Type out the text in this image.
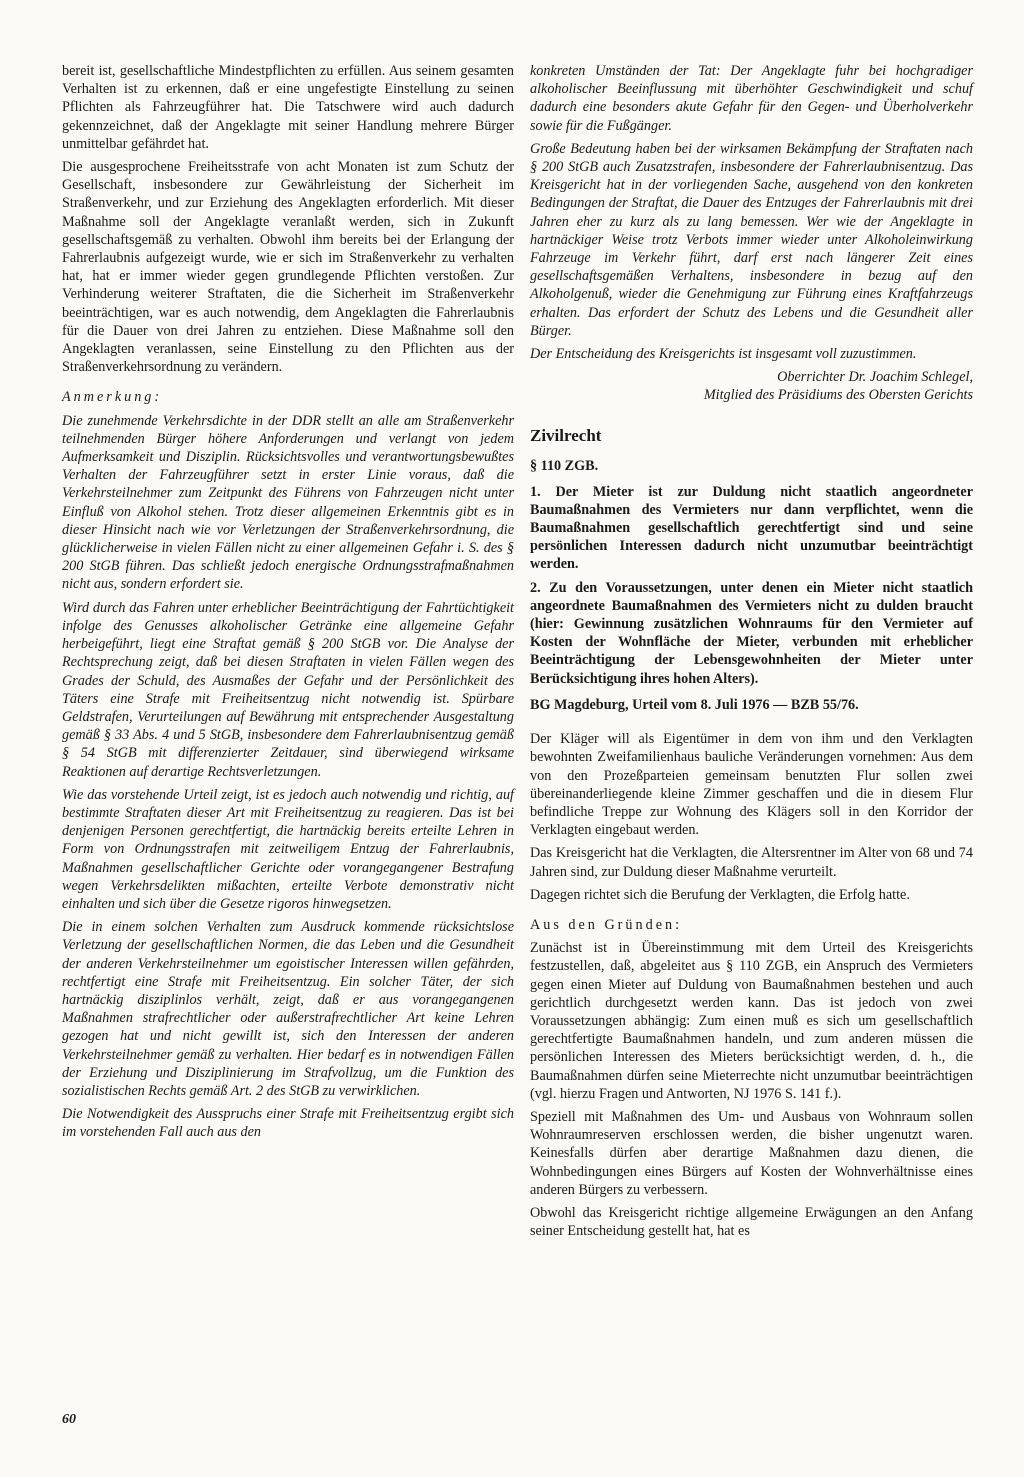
bereit ist, gesellschaftliche Mindestpflichten zu erfüllen. Aus seinem gesamten Verhalten ist zu erkennen, daß er eine ungefestigte Einstellung zu seinen Pflichten als Fahrzeugführer hat. Die Tatschwere wird auch dadurch gekennzeichnet, daß der Angeklagte mit seiner Handlung mehrere Bürger unmittelbar gefährdet hat.

Die ausgesprochene Freiheitsstrafe von acht Monaten ist zum Schutz der Gesellschaft, insbesondere zur Gewährleistung der Sicherheit im Straßenverkehr, und zur Erziehung des Angeklagten erforderlich. Mit dieser Maßnahme soll der Angeklagte veranlaßt werden, sich in Zukunft gesellschaftsgemäß zu verhalten. Obwohl ihm bereits bei der Erlangung der Fahrerlaubnis aufgezeigt wurde, wie er sich im Straßenverkehr zu verhalten hat, hat er immer wieder gegen grundlegende Pflichten verstoßen. Zur Verhinderung weiterer Straftaten, die die Sicherheit im Straßenverkehr beeinträchtigen, war es auch notwendig, dem Angeklagten die Fahrerlaubnis für die Dauer von drei Jahren zu entziehen. Diese Maßnahme soll den Angeklagten veranlassen, seine Einstellung zu den Pflichten aus der Straßenverkehrsordnung zu verändern.

Anmerkung:

Die zunehmende Verkehrsdichte in der DDR stellt an alle am Straßenverkehr teilnehmenden Bürger höhere Anforderungen und verlangt von jedem Aufmerksamkeit und Disziplin. Rücksichtsvolles und verantwortungsbewußtes Verhalten der Fahrzeugführer setzt in erster Linie voraus, daß die Verkehrsteilnehmer zum Zeitpunkt des Führens von Fahrzeugen nicht unter Einfluß von Alkohol stehen. Trotz dieser allgemeinen Erkenntnis gibt es in dieser Hinsicht nach wie vor Verletzungen der Straßenverkehrsordnung, die glücklicherweise in vielen Fällen nicht zu einer allgemeinen Gefahr i. S. des § 200 StGB führen. Das schließt jedoch energische Ordnungsstrafmaßnahmen nicht aus, sondern erfordert sie.

Wird durch das Fahren unter erheblicher Beeinträchtigung der Fahrtüchtigkeit infolge des Genusses alkoholischer Getränke eine allgemeine Gefahr herbeigeführt, liegt eine Straftat gemäß § 200 StGB vor. Die Analyse der Rechtsprechung zeigt, daß bei diesen Straftaten in vielen Fällen wegen des Grades der Schuld, des Ausmaßes der Gefahr und der Persönlichkeit des Täters eine Strafe mit Freiheitsentzug nicht notwendig ist. Spürbare Geldstrafen, Verurteilungen auf Bewährung mit entsprechender Ausgestaltung gemäß § 33 Abs. 4 und 5 StGB, insbesondere dem Fahrerlaubnisentzug gemäß § 54 StGB mit differenzierter Zeitdauer, sind überwiegend wirksame Reaktionen auf derartige Rechtsverletzungen.

Wie das vorstehende Urteil zeigt, ist es jedoch auch notwendig und richtig, auf bestimmte Straftaten dieser Art mit Freiheitsentzug zu reagieren. Das ist bei denjenigen Personen gerechtfertigt, die hartnäckig bereits erteilte Lehren in Form von Ordnungsstrafen mit zeitweiligem Entzug der Fahrerlaubnis, Maßnahmen gesellschaftlicher Gerichte oder vorangegangener Bestrafung wegen Verkehrsdelikten mißachten, erteilte Verbote demonstrativ nicht einhalten und sich über die Gesetze rigoros hinwegsetzen.

Die in einem solchen Verhalten zum Ausdruck kommende rücksichtslose Verletzung der gesellschaftlichen Normen, die das Leben und die Gesundheit der anderen Verkehrsteilnehmer um egoistischer Interessen willen gefährden, rechtfertigt eine Strafe mit Freiheitsentzug. Ein solcher Täter, der sich hartnäckig disziplinlos verhält, zeigt, daß er aus vorangegangenen Maßnahmen strafrechtlicher oder außerstrafrechtlicher Art keine Lehren gezogen hat und nicht gewillt ist, sich den Interessen der anderen Verkehrsteilnehmer gemäß zu verhalten. Hier bedarf es in notwendigen Fällen der Erziehung und Disziplinierung im Strafvollzug, um die Funktion des sozialistischen Rechts gemäß Art. 2 des StGB zu verwirklichen.

Die Notwendigkeit des Ausspruchs einer Strafe mit Freiheitsentzug ergibt sich im vorstehenden Fall auch aus den

konkreten Umständen der Tat: Der Angeklagte fuhr bei hochgradiger alkoholischer Beeinflussung mit überhöhter Geschwindigkeit und schuf dadurch eine besonders akute Gefahr für den Gegen- und Überholverkehr sowie für die Fußgänger.

Große Bedeutung haben bei der wirksamen Bekämpfung der Straftaten nach § 200 StGB auch Zusatzstrafen, insbesondere der Fahrerlaubnisentzug. Das Kreisgericht hat in der vorliegenden Sache, ausgehend von den konkreten Bedingungen der Straftat, die Dauer des Entzuges der Fahrerlaubnis mit drei Jahren eher zu kurz als zu lang bemessen. Wer wie der Angeklagte in hartnäckiger Weise trotz Verbots immer wieder unter Alkoholeinwirkung Fahrzeuge im Verkehr führt, darf erst nach längerer Zeit eines gesellschaftsgemäßen Verhaltens, insbesondere in bezug auf den Alkoholgenuß, wieder die Genehmigung zur Führung eines Kraftfahrzeugs erhalten. Das erfordert der Schutz des Lebens und die Gesundheit aller Bürger.

Der Entscheidung des Kreisgerichts ist insgesamt voll zuzustimmen.

Oberrichter Dr. Joachim Schlegel,

Mitglied des Präsidiums des Obersten Gerichts

Zivilrecht

§ 110 ZGB.

1. Der Mieter ist zur Duldung nicht staatlich angeordneter Baumaßnahmen des Vermieters nur dann verpflichtet, wenn die Baumaßnahmen gesellschaftlich gerechtfertigt sind und seine persönlichen Interessen dadurch nicht unzumutbar beeinträchtigt werden.

2. Zu den Voraussetzungen, unter denen ein Mieter nicht staatlich angeordnete Baumaßnahmen des Vermieters nicht zu dulden braucht (hier: Gewinnung zusätzlichen Wohnraums für den Vermieter auf Kosten der Wohnfläche der Mieter, verbunden mit erheblicher Beeinträchtigung der Lebensgewohnheiten der Mieter unter Berücksichtigung ihres hohen Alters).

BG Magdeburg, Urteil vom 8. Juli 1976 — BZB 55/76.

Der Kläger will als Eigentümer in dem von ihm und den Verklagten bewohnten Zweifamilienhaus bauliche Veränderungen vornehmen: Aus dem von den Prozeßparteien gemeinsam benutzten Flur sollen zwei übereinanderliegende kleine Zimmer geschaffen und die in diesem Flur befindliche Treppe zur Wohnung des Klägers soll in den Korridor der Verklagten eingebaut werden.

Das Kreisgericht hat die Verklagten, die Altersrentner im Alter von 68 und 74 Jahren sind, zur Duldung dieser Maßnahme verurteilt.

Dagegen richtet sich die Berufung der Verklagten, die Erfolg hatte.

Aus den Gründen:

Zunächst ist in Übereinstimmung mit dem Urteil des Kreisgerichts festzustellen, daß, abgeleitet aus § 110 ZGB, ein Anspruch des Vermieters gegen einen Mieter auf Duldung von Baumaßnahmen bestehen und auch gerichtlich durchgesetzt werden kann. Das ist jedoch von zwei Voraussetzungen abhängig: Zum einen muß es sich um gesellschaftlich gerechtfertigte Baumaßnahmen handeln, und zum anderen müssen die persönlichen Interessen des Mieters berücksichtigt werden, d. h., die Baumaßnahmen dürfen seine Mieterrechte nicht unzumutbar beeinträchtigen (vgl. hierzu Fragen und Antworten, NJ 1976 S. 141 f.).

Speziell mit Maßnahmen des Um- und Ausbaus von Wohnraum sollen Wohnraumreserven erschlossen werden, die bisher ungenutzt waren. Keinesfalls dürfen aber derartige Maßnahmen dazu dienen, die Wohnbedingungen eines Bürgers auf Kosten der Wohnverhältnisse eines anderen Bürgers zu verbessern.

Obwohl das Kreisgericht richtige allgemeine Erwägungen an den Anfang seiner Entscheidung gestellt hat, hat es

60
